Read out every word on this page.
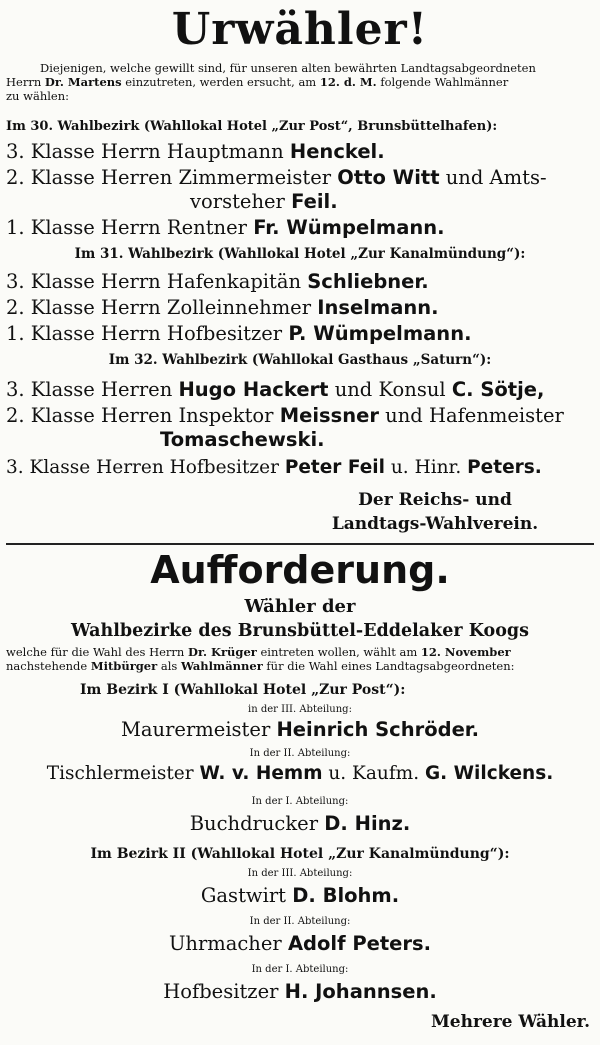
Urwähler!
Diejenigen, welche gewillt sind, für unseren alten bewährten Landtagsabgeordneten
Herrn Dr. Martens einzutreten, werden ersucht, am 12. d. M. folgende Wahlmänner
zu wählen:
Im 30. Wahlbezirk (Wahllokal Hotel „Zur Post“, Brunsbüttelhafen):
3. Klasse Herrn Hauptmann Henckel.
2. Klasse Herren Zimmermeister Otto Witt und Amts-
vorsteher Feil.
1. Klasse Herrn Rentner Fr. Wümpelmann.
Im 31. Wahlbezirk (Wahllokal Hotel „Zur Kanalmündung“):
3. Klasse Herrn Hafenkapitän Schliebner.
2. Klasse Herrn Zolleinnehmer Inselmann.
1. Klasse Herrn Hofbesitzer P. Wümpelmann.
Im 32. Wahlbezirk (Wahllokal Gasthaus „Saturn“):
3. Klasse Herren Hugo Hackert und Konsul C. Sötje,
2. Klasse Herren Inspektor Meissner und Hafenmeister
Tomaschewski.
3. Klasse Herren Hofbesitzer Peter Feil u. Hinr. Peters.
Der Reichs- und
Landtags-Wahlverein.
Aufforderung.
Wähler der
Wahlbezirke des Brunsbüttel-Eddelaker Koogs
welche für die Wahl des Herrn Dr. Krüger eintreten wollen, wählt am 12. November
nachstehende Mitbürger als Wahlmänner für die Wahl eines Landtagsabgeordneten:
Im Bezirk I (Wahllokal Hotel „Zur Post“):
in der III. Abteilung:
Maurermeister Heinrich Schröder.
In der II. Abteilung:
Tischlermeister W. v. Hemm u. Kaufm. G. Wilckens.
In der I. Abteilung:
Buchdrucker D. Hinz.
Im Bezirk II (Wahllokal Hotel „Zur Kanalmündung“):
In der III. Abteilung:
Gastwirt D. Blohm.
In der II. Abteilung:
Uhrmacher Adolf Peters.
In der I. Abteilung:
Hofbesitzer H. Johannsen.
Mehrere Wähler.
